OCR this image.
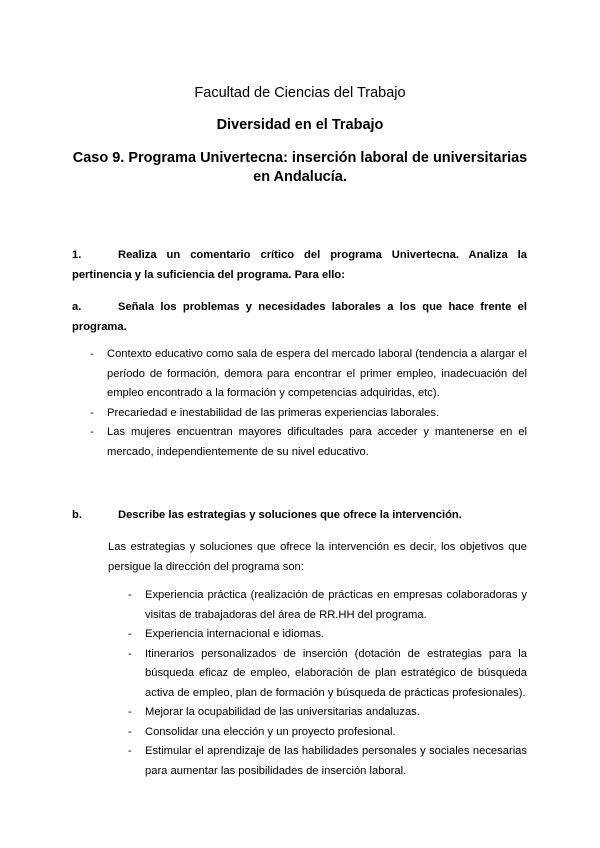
Facultad de Ciencias del Trabajo
Diversidad en el Trabajo
Caso 9. Programa Univertecna: inserción laboral de universitarias en Andalucía.
1.	Realiza un comentario crítico del programa Univertecna. Analiza la pertinencia y la suficiencia del programa. Para ello:
a.	Señala los problemas y necesidades laborales a los que hace frente el programa.
-	Contexto educativo como sala de espera del mercado laboral (tendencia a alargar el período de formación, demora para encontrar el primer empleo, inadecuación del empleo encontrado a la formación y competencias adquiridas, etc).
-	Precariedad e inestabilidad de las primeras experiencias laborales.
-	Las mujeres encuentran mayores dificultades para acceder y mantenerse en el mercado, independientemente de su nivel educativo.
b.	Describe las estrategias y soluciones que ofrece la intervención.
Las estrategias y soluciones que ofrece la intervención es decir, los objetivos que persigue la dirección del programa son:
-	Experiencia práctica (realización de prácticas en empresas colaboradoras y visitas de trabajadoras del área de RR.HH del programa.
-	Experiencia internacional e idiomas.
-	Itinerarios personalizados de inserción (dotación de estrategias para la búsqueda eficaz de empleo, elaboración de plan estratégico de búsqueda activa de empleo, plan de formación y búsqueda de prácticas profesionales).
-	Mejorar la ocupabilidad de las universitarias andaluzas.
-	Consolidar una elección y un proyecto profesional.
-	Estimular el aprendizaje de las habilidades personales y sociales necesarias para aumentar las posibilidades de inserción laboral.
